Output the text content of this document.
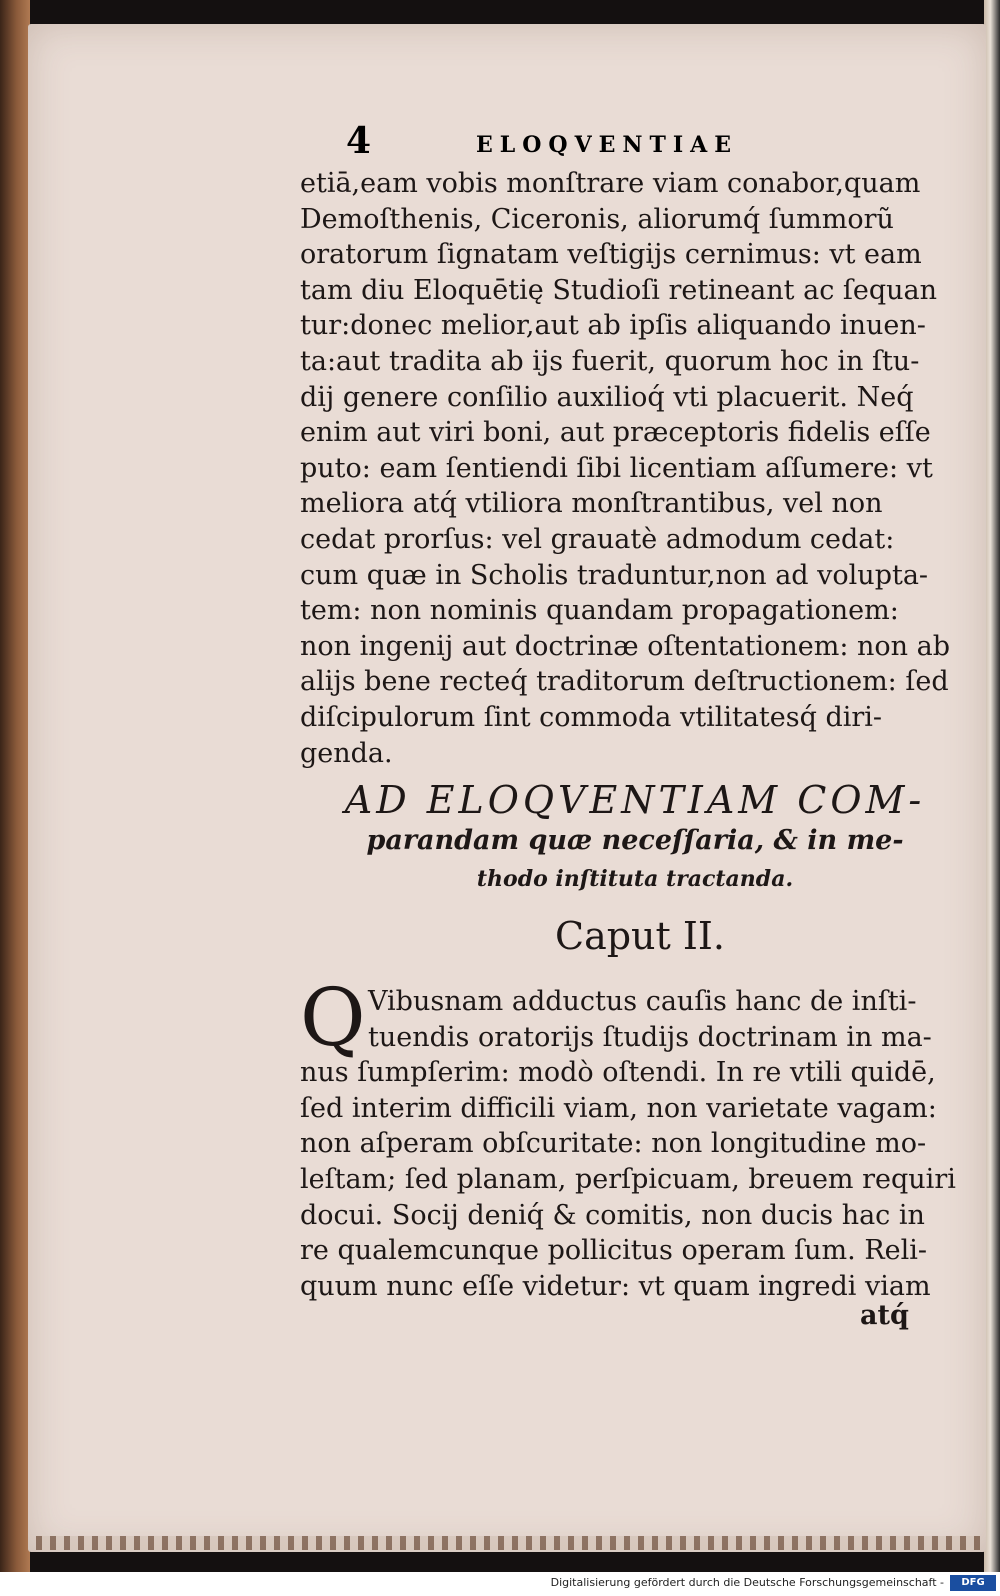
4	ELOQVENTIAE
etiā,eam vobis monſtrare viam conabor,quam
Demoſthenis, Ciceronis, aliorumq́ ſummorũ
oratorum ſignatam veſtigijs cernimus: vt eam
tam diu Eloquētię Studioſi retineant ac ſequan
tur:donec melior,aut ab ipſis aliquando inuen-
ta:aut tradita ab ijs fuerit, quorum hoc in ſtu-
dij genere conſilio auxilioq́ vti placuerit. Neq́
enim aut viri boni, aut præceptoris fidelis eſſe
puto: eam ſentiendi ſibi licentiam aſſumere: vt
meliora atq́ vtiliora monſtrantibus, vel non
cedat prorſus: vel grauatè admodum cedat:
cum quæ in Scholis traduntur,non ad volupta-
tem: non nominis quandam propagationem:
non ingenij aut doctrinæ oſtentationem: non ab
alijs bene recteq́ traditorum deſtructionem: ſed
diſcipulorum ſint commoda vtilitatesq́ diri-
genda.
AD ELOQVENTIAM COM-
parandam quæ neceſſaria, & in me-
thodo inſtituta tractanda.
Caput II.
Q Vibusnam adductus cauſis hanc de inſti-
tuendis oratorijs ſtudijs doctrinam in ma-
nus ſumpſerim: modò oſtendi. In re vtili quidē,
ſed interim difficili viam, non varietate vagam:
non aſperam obſcuritate: non longitudine mo-
leſtam; ſed planam, perſpicuam, breuem requiri
docui. Socij deniq́ & comitis, non ducis hac in
re qualemcunque pollicitus operam ſum. Reli-
quum nunc eſſe videtur: vt quam ingredi viam
atq́
Digitalisierung gefördert durch die Deutsche Forschungsgemeinschaft -	DFG
